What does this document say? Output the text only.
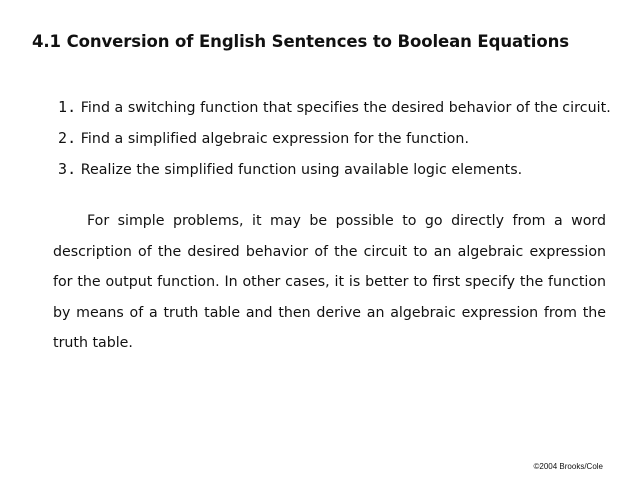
4.1 Conversion of English Sentences to Boolean Equations
1. Find a switching function that specifies the desired behavior of the circuit.
2. Find a simplified algebraic expression for the function.
3. Realize the simplified function using available logic elements.

For simple problems, it may be possible to go directly from a word description of the desired behavior of the circuit to an algebraic expression for the output function. In other cases, it is better to first specify the function by means of a truth table and then derive an algebraic expression from the truth table.

©2004 Brooks/Cole
